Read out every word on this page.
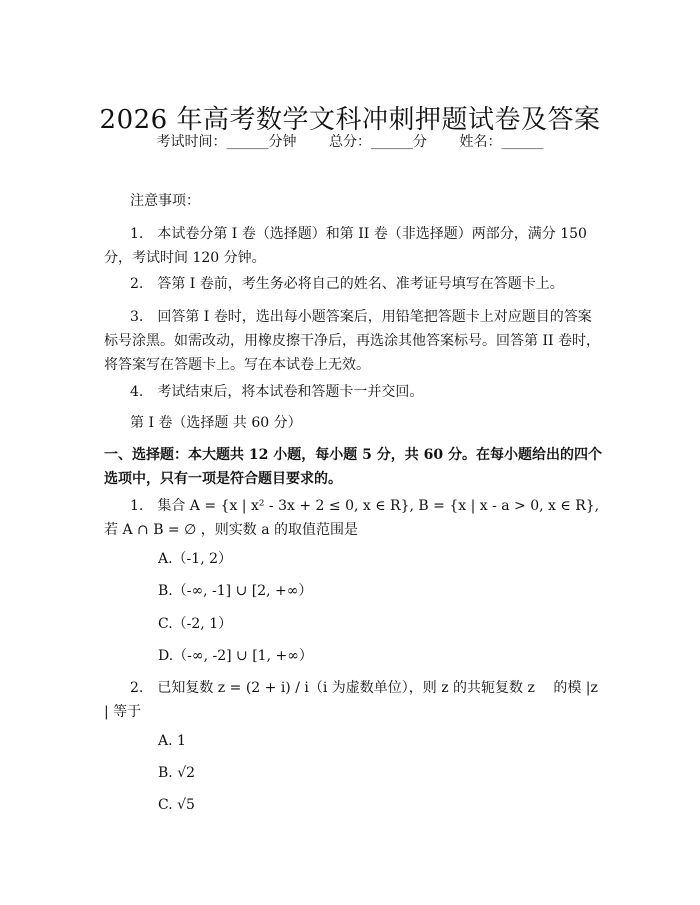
2026 年高考数学文科冲刺押题试卷及答案
考试时间：______分钟 总分：______分 姓名：______

注意事项：

1.　本试卷分第 I 卷（选择题）和第 II 卷（非选择题）两部分，满分 150 分，考试时间 120 分钟。

2.　答第 I 卷前，考生务必将自己的姓名、准考证号填写在答题卡上。

3.　回答第 I 卷时，选出每小题答案后，用铅笔把答题卡上对应题目的答案标号涂黑。如需改动，用橡皮擦干净后，再选涂其他答案标号。回答第 II 卷时，将答案写在答题卡上。写在本试卷上无效。

4.　考试结束后，将本试卷和答题卡一并交回。

第 I 卷（选择题 共 60 分）

一、选择题：本大题共 12 小题，每小题 5 分，共 60 分。在每小题给出的四个选项中，只有一项是符合题目要求的。

1.　集合 A = {x | x² - 3x + 2 ≤ 0, x ∈ R}, B = {x | x - a > 0, x ∈ R}, 若 A ∩ B = ∅ ，则实数 a 的取值范围是

A.（-1, 2）

B.（-∞, -1] ∪ [2, +∞）

C.（-2, 1）

D.（-∞, -2] ∪ [1, +∞）

2.　已知复数 z = (2 + i) / i（i 为虚数单位），则 z 的共轭复数 z　 的模 |z　 | 等于

A. 1

B. √2

C. √5
